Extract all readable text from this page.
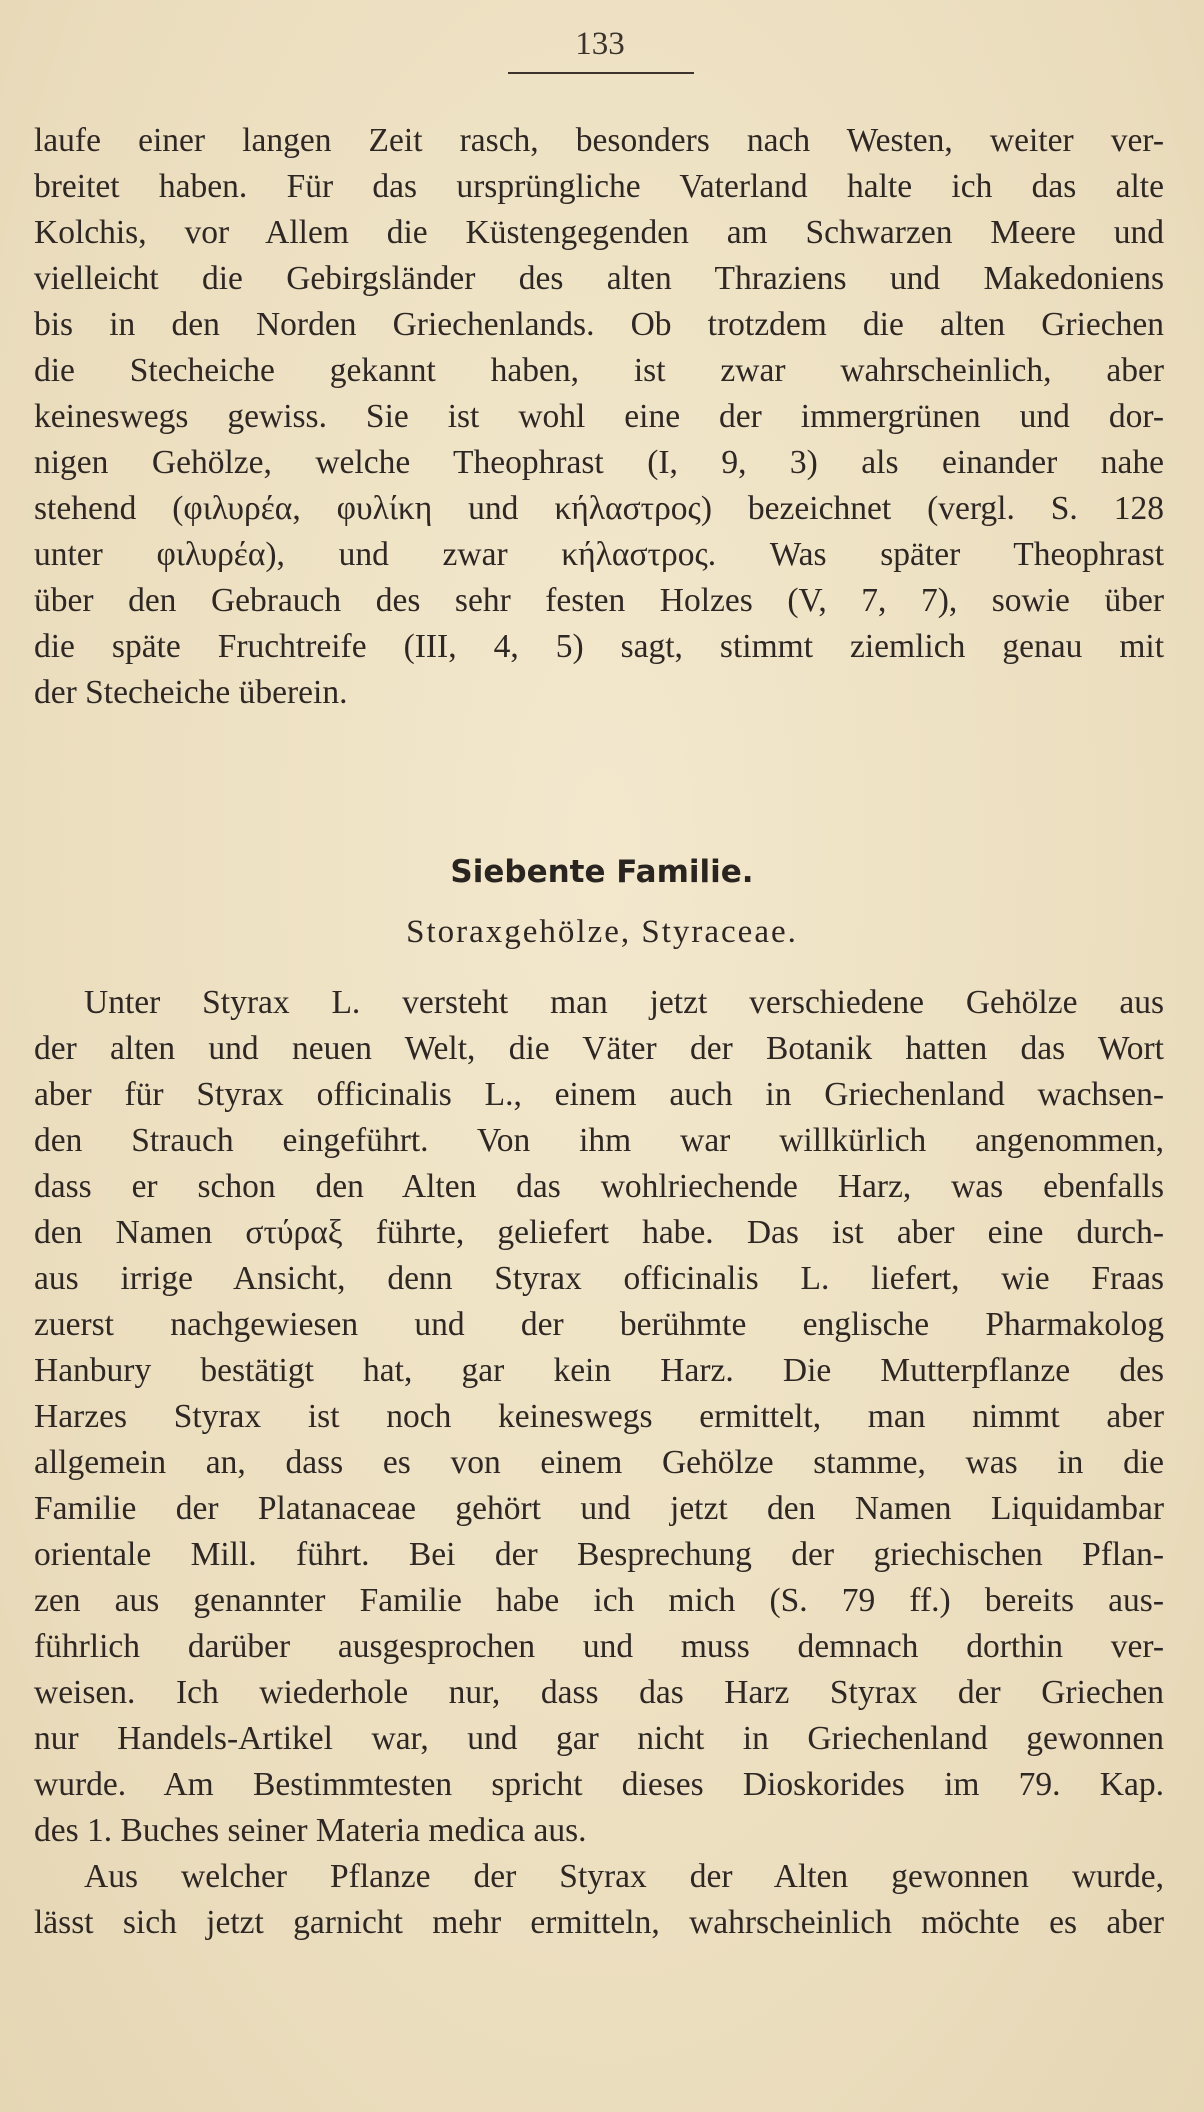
133
laufe einer langen Zeit rasch, besonders nach Westen, weiter ver-
breitet haben. Für das ursprüngliche Vaterland halte ich das alte
Kolchis, vor Allem die Küstengegenden am Schwarzen Meere und
vielleicht die Gebirgsländer des alten Thraziens und Makedoniens
bis in den Norden Griechenlands. Ob trotzdem die alten Griechen
die Stecheiche gekannt haben, ist zwar wahrscheinlich, aber
keineswegs gewiss. Sie ist wohl eine der immergrünen und dor-
nigen Gehölze, welche Theophrast (I, 9, 3) als einander nahe
stehend (φιλυρέα, φυλίκη und κήλαστρος) bezeichnet (vergl. S. 128
unter φιλυρέα), und zwar κήλαστρος. Was später Theophrast
über den Gebrauch des sehr festen Holzes (V, 7, 7), sowie über
die späte Fruchtreife (III, 4, 5) sagt, stimmt ziemlich genau mit
der Stecheiche überein.
Siebente Familie.
Storaxgehölze, Styraceae.
Unter Styrax L. versteht man jetzt verschiedene Gehölze aus
der alten und neuen Welt, die Väter der Botanik hatten das Wort
aber für Styrax officinalis L., einem auch in Griechenland wachsen-
den Strauch eingeführt. Von ihm war willkürlich angenommen,
dass er schon den Alten das wohlriechende Harz, was ebenfalls
den Namen στύραξ führte, geliefert habe. Das ist aber eine durch-
aus irrige Ansicht, denn Styrax officinalis L. liefert, wie Fraas
zuerst nachgewiesen und der berühmte englische Pharmakolog
Hanbury bestätigt hat, gar kein Harz. Die Mutterpflanze des
Harzes Styrax ist noch keineswegs ermittelt, man nimmt aber
allgemein an, dass es von einem Gehölze stamme, was in die
Familie der Platanaceae gehört und jetzt den Namen Liquidambar
orientale Mill. führt. Bei der Besprechung der griechischen Pflan-
zen aus genannter Familie habe ich mich (S. 79 ff.) bereits aus-
führlich darüber ausgesprochen und muss demnach dorthin ver-
weisen. Ich wiederhole nur, dass das Harz Styrax der Griechen
nur Handels-Artikel war, und gar nicht in Griechenland gewonnen
wurde. Am Bestimmtesten spricht dieses Dioskorides im 79. Kap.
des 1. Buches seiner Materia medica aus.
Aus welcher Pflanze der Styrax der Alten gewonnen wurde,
lässt sich jetzt garnicht mehr ermitteln, wahrscheinlich möchte es aber
